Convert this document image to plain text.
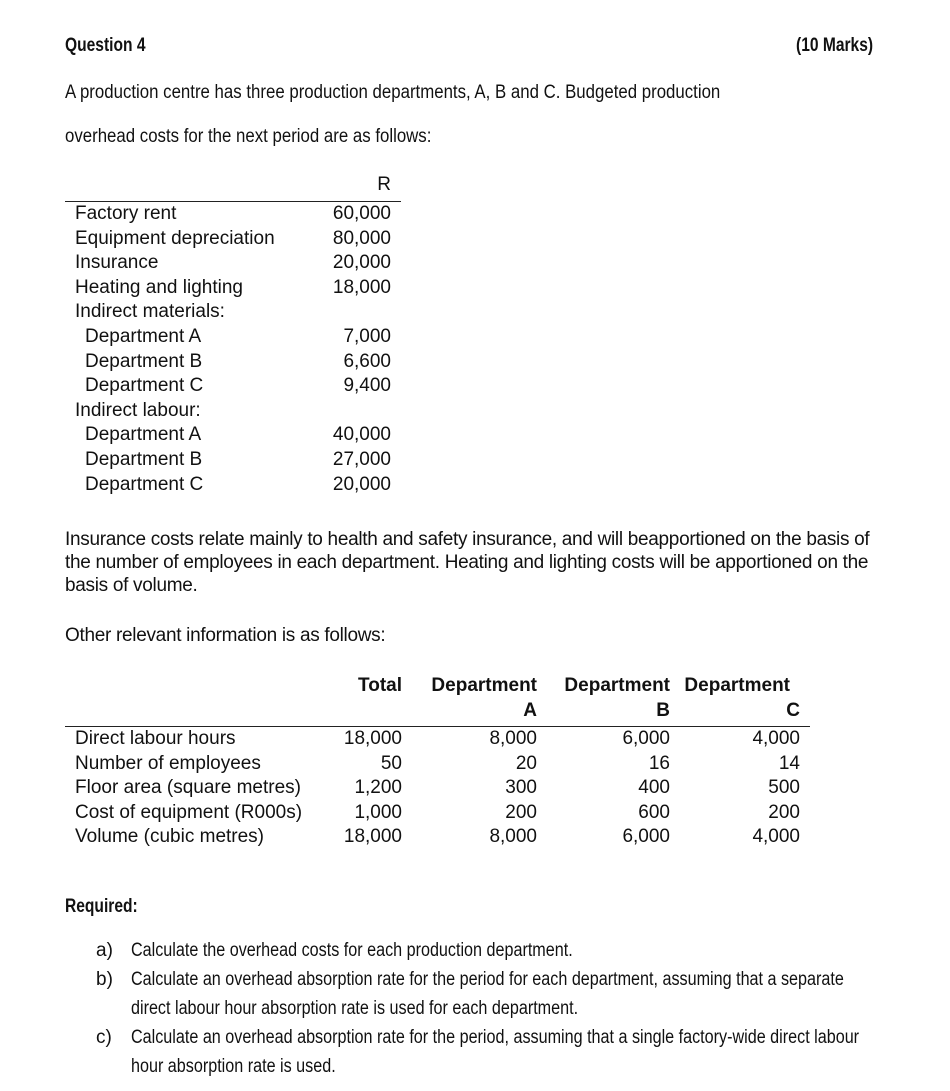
Question 4	(10 Marks)
A production centre has three production departments, A, B and C. Budgeted production
overhead costs for the next period are as follows:
	R
Factory rent	60,000
Equipment depreciation	80,000
Insurance	20,000
Heating and lighting	18,000
Indirect materials:	
Department A	7,000
Department B	6,600
Department C	9,400
Indirect labour:	
Department A	40,000
Department B	27,000
Department C	20,000
Insurance costs relate mainly to health and safety insurance, and will beapportioned on the basis of the number of employees in each department. Heating and lighting costs will be apportioned on the basis of volume.
Other relevant information is as follows:
	Total	Department	Department	Department
		A	B	C
Direct labour hours	18,000	8,000	6,000	4,000
Number of employees	50	20	16	14
Floor area (square metres)	1,200	300	400	500
Cost of equipment (R000s)	1,000	200	600	200
Volume (cubic metres)	18,000	8,000	6,000	4,000
Required:
a) Calculate the overhead costs for each production department.
b) Calculate an overhead absorption rate for the period for each department, assuming that a separate
direct labour hour absorption rate is used for each department.
c) Calculate an overhead absorption rate for the period, assuming that a single factory-wide direct labour
hour absorption rate is used.
